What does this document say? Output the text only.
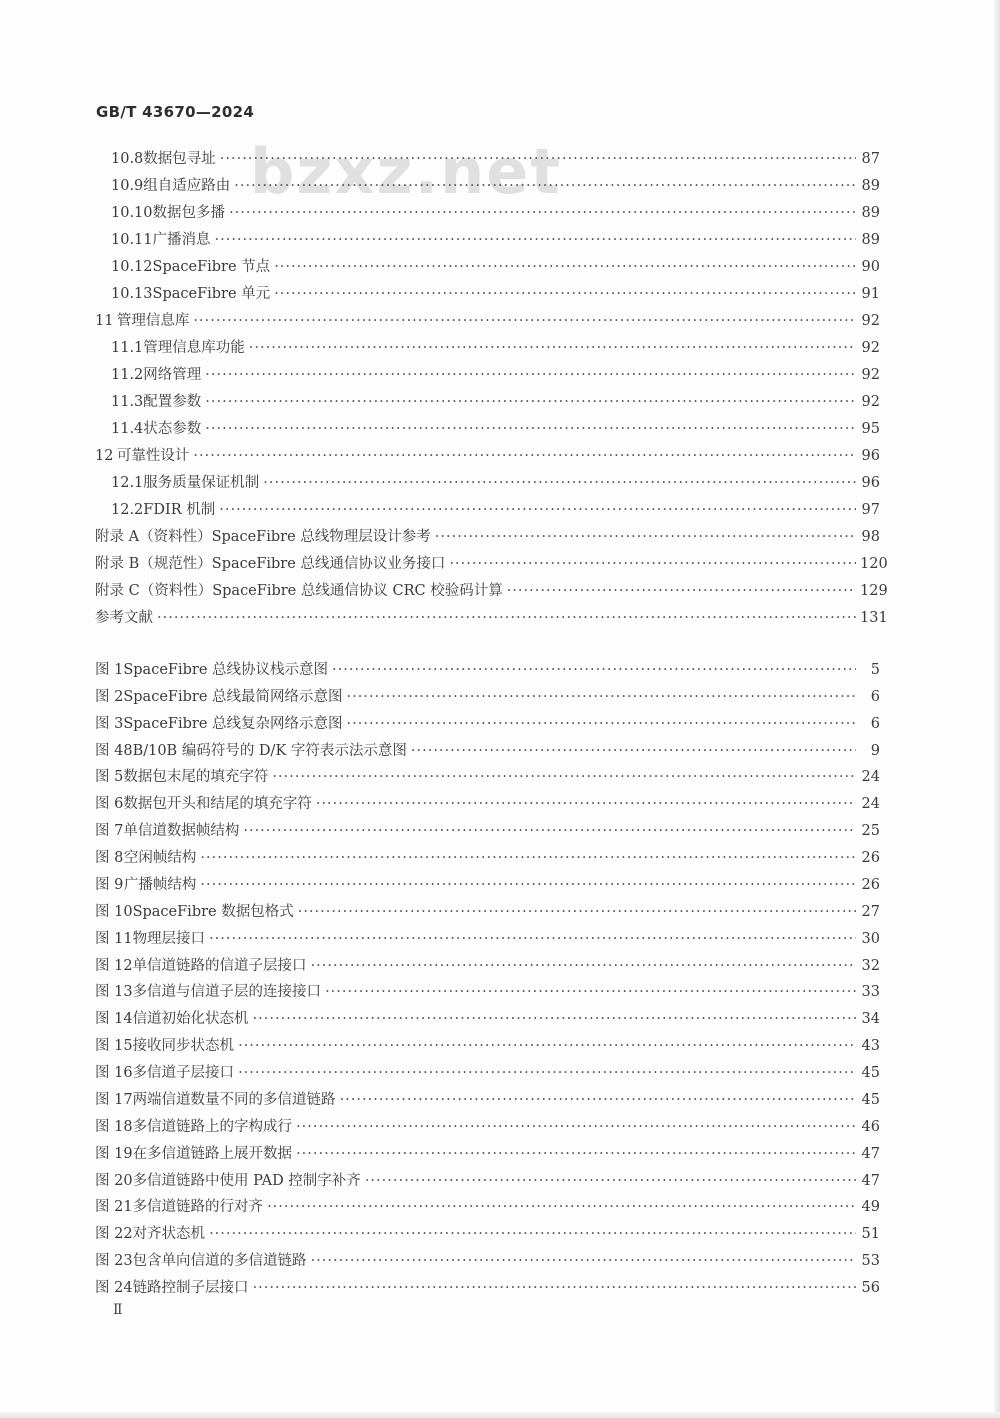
GB/T 43670—2024
bzxz.net
10.8 数据包寻址 ·····	87
10.9 组自适应路由 ·····	89
10.10 数据包多播 ·····	89
10.11 广播消息 ·····	89
10.12 SpaceFibre 节点 ·····	90
10.13 SpaceFibre 单元 ·····	91
11 管理信息库 ·····	92
11.1 管理信息库功能 ·····	92
11.2 网络管理 ·····	92
11.3 配置参数 ·····	92
11.4 状态参数 ·····	95
12 可靠性设计 ·····	96
12.1 服务质量保证机制 ·····	96
12.2 FDIR 机制 ·····	97
附录 A（资料性） SpaceFibre 总线物理层设计参考 ·····	98
附录 B（规范性） SpaceFibre 总线通信协议业务接口 ·····	120
附录 C（资料性） SpaceFibre 总线通信协议 CRC 校验码计算 ·····	129
参考文献 ·····	131
图 1 SpaceFibre 总线协议栈示意图 ·····	5
图 2 SpaceFibre 总线最简网络示意图 ·····	6
图 3 SpaceFibre 总线复杂网络示意图 ·····	6
图 4 8B/10B 编码符号的 D/K 字符表示法示意图 ·····	9
图 5 数据包末尾的填充字符 ·····	24
图 6 数据包开头和结尾的填充字符 ·····	24
图 7 单信道数据帧结构 ·····	25
图 8 空闲帧结构 ·····	26
图 9 广播帧结构 ·····	26
图 10 SpaceFibre 数据包格式 ·····	27
图 11 物理层接口 ·····	30
图 12 单信道链路的信道子层接口 ·····	32
图 13 多信道与信道子层的连接接口 ·····	33
图 14 信道初始化状态机 ·····	34
图 15 接收同步状态机 ·····	43
图 16 多信道子层接口 ·····	45
图 17 两端信道数量不同的多信道链路 ·····	45
图 18 多信道链路上的字构成行 ·····	46
图 19 在多信道链路上展开数据 ·····	47
图 20 多信道链路中使用 PAD 控制字补齐 ·····	47
图 21 多信道链路的行对齐 ·····	49
图 22 对齐状态机 ·····	51
图 23 包含单向信道的多信道链路 ·····	53
图 24 链路控制子层接口 ·····	56
Ⅱ
